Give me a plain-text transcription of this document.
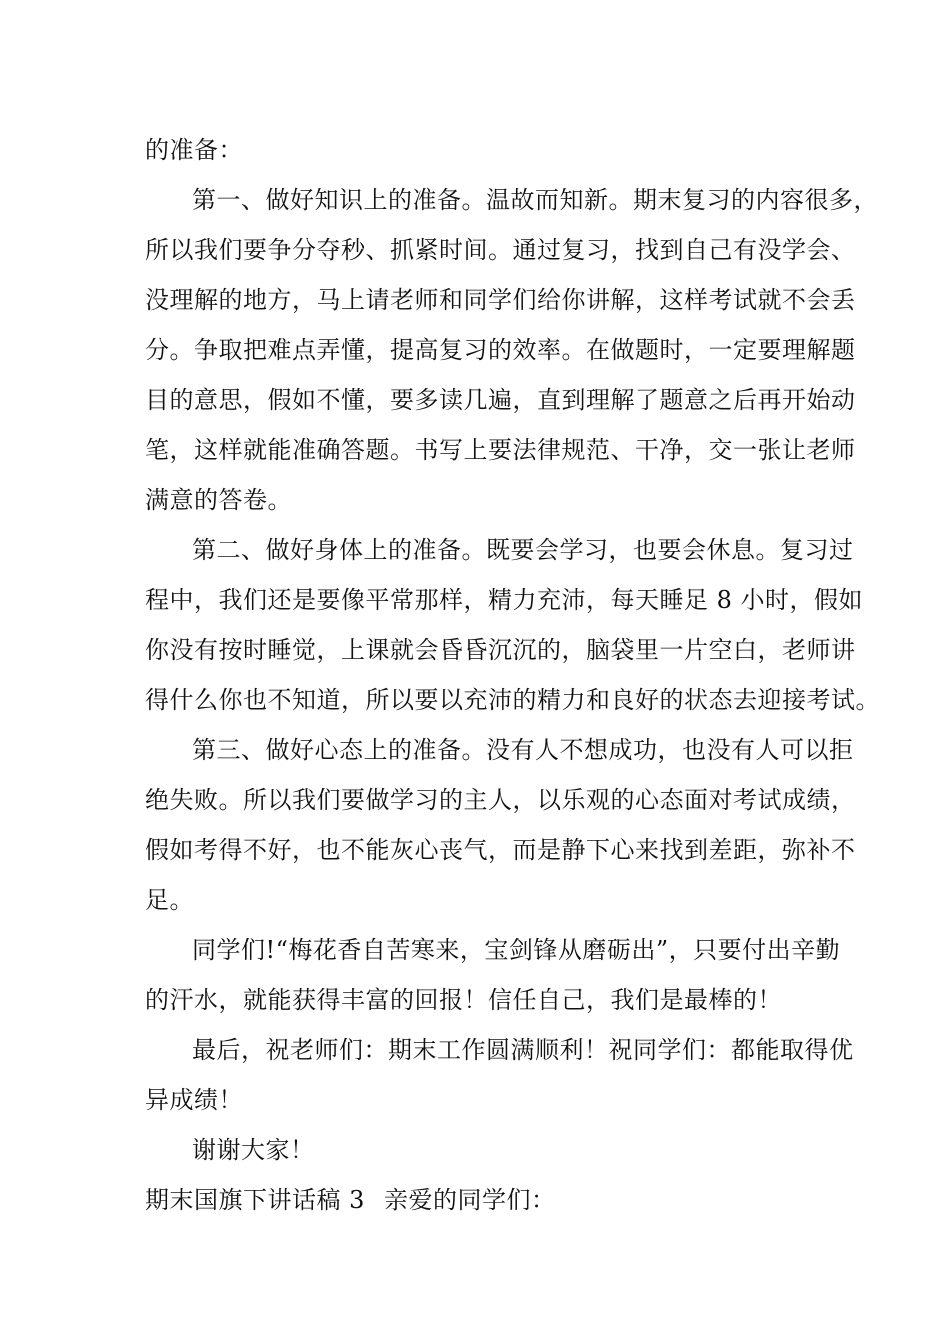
的准备：
第一、做好知识上的准备。温故而知新。期末复习的内容很多，
所以我们要争分夺秒、抓紧时间。通过复习，找到自己有没学会、
没理解的地方，马上请老师和同学们给你讲解，这样考试就不会丢
分。争取把难点弄懂，提高复习的效率。在做题时，一定要理解题
目的意思，假如不懂，要多读几遍，直到理解了题意之后再开始动
笔，这样就能准确答题。书写上要法律规范、干净，交一张让老师
满意的答卷。
第二、做好身体上的准备。既要会学习，也要会休息。复习过
程中，我们还是要像平常那样，精力充沛，每天睡足 8 小时，假如
你没有按时睡觉，上课就会昏昏沉沉的，脑袋里一片空白，老师讲
得什么你也不知道，所以要以充沛的精力和良好的状态去迎接考试。
第三、做好心态上的准备。没有人不想成功，也没有人可以拒
绝失败。所以我们要做学习的主人，以乐观的心态面对考试成绩，
假如考得不好，也不能灰心丧气，而是静下心来找到差距，弥补不
足。
同学们!“梅花香自苦寒来，宝剑锋从磨砺出”，只要付出辛勤
的汗水，就能获得丰富的回报！信任自己，我们是最棒的！
最后，祝老师们：期末工作圆满顺利！祝同学们：都能取得优
异成绩！
谢谢大家！
期末国旗下讲话稿 3 亲爱的同学们：
